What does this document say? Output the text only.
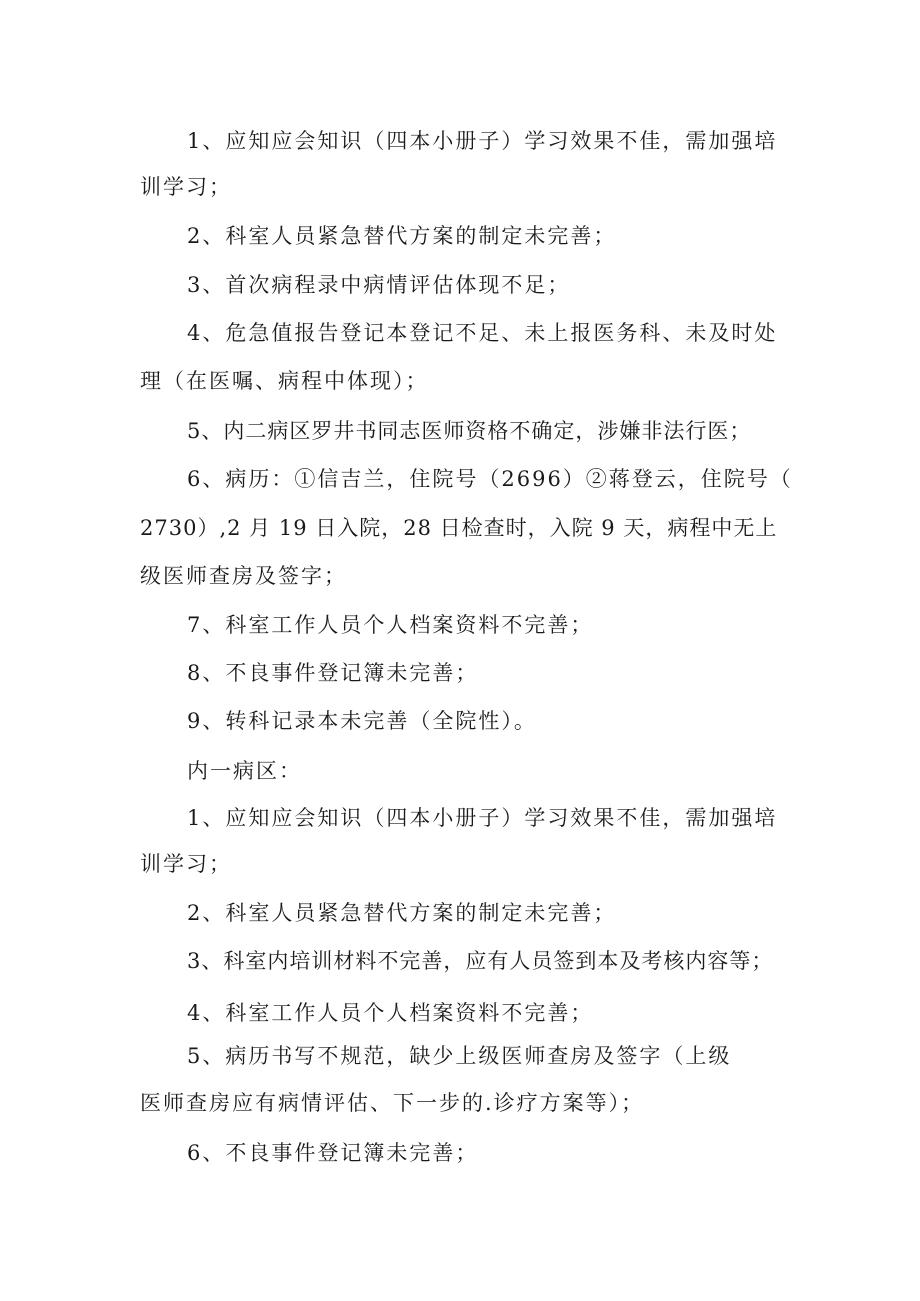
1、应知应会知识（四本小册子）学习效果不佳，需加强培
训学习；
2、科室人员紧急替代方案的制定未完善；
3、首次病程录中病情评估体现不足；
4、危急值报告登记本登记不足、未上报医务科、未及时处
理（在医嘱、病程中体现）；
5、内二病区罗井书同志医师资格不确定，涉嫌非法行医；
6、病历：①信吉兰，住院号（2696）②蒋登云，住院号（
2730）,2 月 19 日入院，28 日检查时，入院 9 天，病程中无上
级医师查房及签字；
7、科室工作人员个人档案资料不完善；
8、不良事件登记簿未完善；
9、转科记录本未完善（全院性）。
内一病区：
1、应知应会知识（四本小册子）学习效果不佳，需加强培
训学习；
2、科室人员紧急替代方案的制定未完善；
3、科室内培训材料不完善，应有人员签到本及考核内容等；
4、科室工作人员个人档案资料不完善；
5、病历书写不规范，缺少上级医师查房及签字（上级
医师查房应有病情评估、下一步的.诊疗方案等）；
6、不良事件登记簿未完善；
